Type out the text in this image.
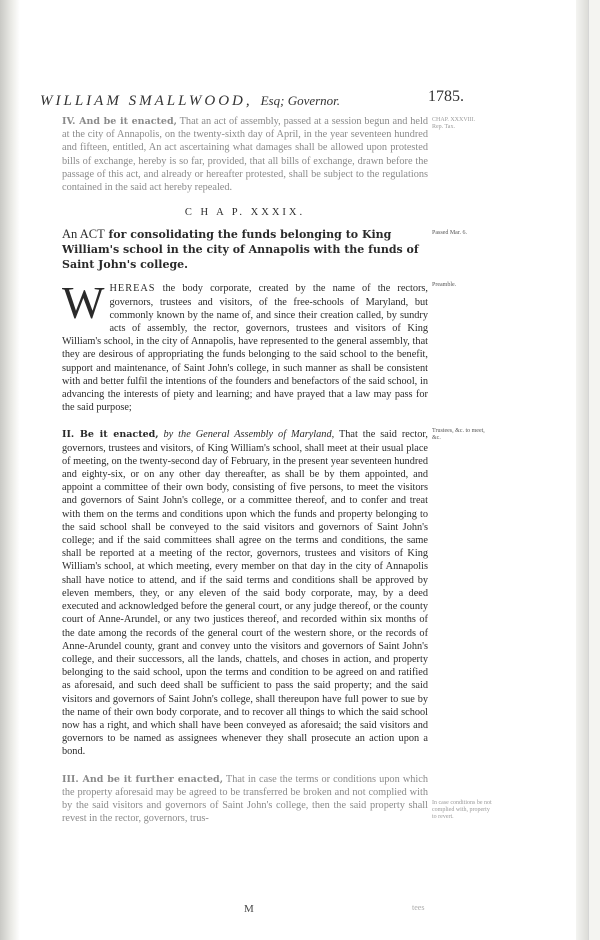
WILLIAM SMALLWOOD, Esq; Governor.	1785.
CHAP. XXXVIII.
Rep. Tax.
Passed Mar. 6.
Preamble.
Trustees, &c. to meet, &c.
In case conditions be not complied with, property to revert.

IV. And be it enacted, That an act of assembly, passed at a session begun and held at the city of Annapolis, on the twenty-sixth day of April, in the year seventeen hundred and fifteen, entitled, An act ascertaining what damages shall be allowed upon protested bills of exchange, hereby is so far, provided, that all bills of exchange, drawn before the passage of this act, and already or hereafter protested, shall be subject to the regulations contained in the said act hereby repealed.

C H A P. XXXIX.
An ACT for consolidating the funds belonging to King William's school in the city of Annapolis with the funds of Saint John's college.

WHEREAS the body corporate, created by the name of the rectors, governors, trustees and visitors, of the free-schools of Maryland, but commonly known by the name of, and since their creation called, by sundry acts of assembly, the rector, governors, trustees and visitors of King William's school, in the city of Annapolis, have represented to the general assembly, that they are desirous of appropriating the funds belonging to the said school to the benefit, support and maintenance, of Saint John's college, in such manner as shall be consistent with and better fulfil the intentions of the founders and benefactors of the said school, in advancing the interests of piety and learning; and have prayed that a law may pass for the said purpose;

II. Be it enacted, by the General Assembly of Maryland, That the said rector, governors, trustees and visitors, of King William's school, shall meet at their usual place of meeting, on the twenty-second day of February, in the present year seventeen hundred and eighty-six, or on any other day thereafter, as shall be by them appointed, and appoint a committee of their own body, consisting of five persons, to meet the visitors and governors of Saint John's college, or a committee thereof, and to confer and treat with them on the terms and conditions upon which the funds and property belonging to the said school shall be conveyed to the said visitors and governors of Saint John's college; and if the said committees shall agree on the terms and conditions, the same shall be reported at a meeting of the rector, governors, trustees and visitors of King William's school, at which meeting, every member on that day in the city of Annapolis shall have notice to attend, and if the said terms and conditions shall be approved by eleven members, they, or any eleven of the said body corporate, may, by a deed executed and acknowledged before the general court, or any judge thereof, or the county court of Anne-Arundel, or any two justices thereof, and recorded within six months of the date among the records of the general court of the western shore, or the records of Anne-Arundel county, grant and convey unto the visitors and governors of Saint John's college, and their successors, all the lands, chattels, and choses in action, and property belonging to the said school, upon the terms and condition to be agreed on and ratified as aforesaid, and such deed shall be sufficient to pass the said property; and the said visitors and governors of Saint John's college, shall thereupon have full power to sue by the name of their own body corporate, and to recover all things to which the said school now has a right, and which shall have been conveyed as aforesaid; the said visitors and governors to be named as assignees whenever they shall prosecute an action upon a bond.

III. And be it further enacted, That in case the terms or conditions upon which the property aforesaid may be agreed to be transferred be broken and not complied with by the said visitors and governors of Saint John's college, then the said property shall revest in the rector, governors, trus-

M	tees
